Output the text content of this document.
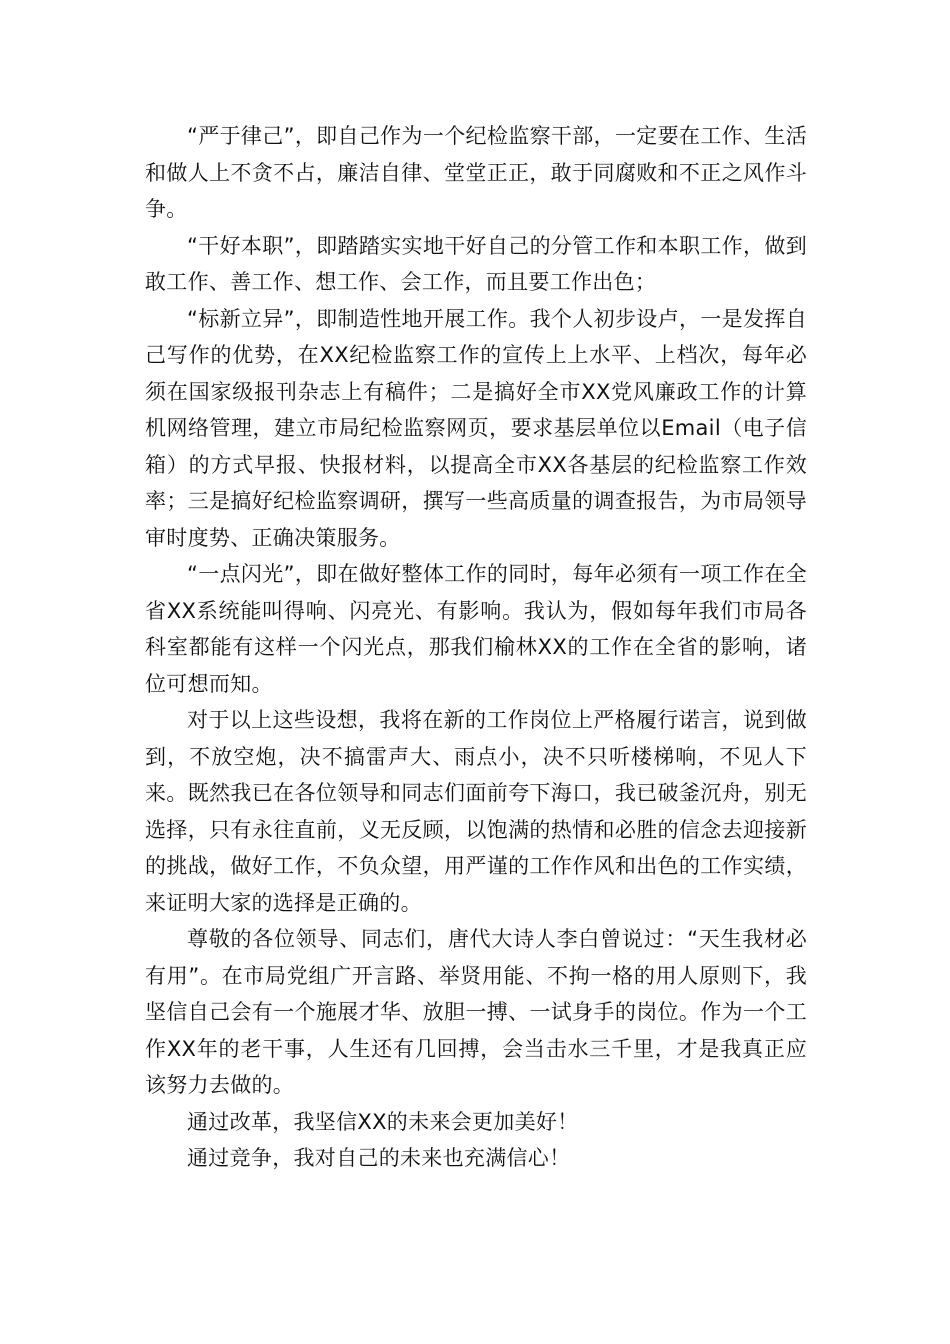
“严于律己”，即自己作为一个纪检监察干部，一定要在工作、生活和做人上不贪不占，廉洁自律、堂堂正正，敢于同腐败和不正之风作斗争。

“干好本职”，即踏踏实实地干好自己的分管工作和本职工作，做到敢工作、善工作、想工作、会工作，而且要工作出色；

“标新立异”，即制造性地开展工作。我个人初步设卢，一是发挥自己写作的优势，在XX纪检监察工作的宣传上上水平、上档次，每年必须在国家级报刊杂志上有稿件；二是搞好全市XX党风廉政工作的计算机网络管理，建立市局纪检监察网页，要求基层单位以Email（电子信箱）的方式早报、快报材料，以提高全市XX各基层的纪检监察工作效率；三是搞好纪检监察调研，撰写一些高质量的调查报告，为市局领导审时度势、正确决策服务。

“一点闪光”，即在做好整体工作的同时，每年必须有一项工作在全省XX系统能叫得响、闪亮光、有影响。我认为，假如每年我们市局各科室都能有这样一个闪光点，那我们榆林XX的工作在全省的影响，诸位可想而知。

对于以上这些设想，我将在新的工作岗位上严格履行诺言，说到做到，不放空炮，决不搞雷声大、雨点小，决不只听楼梯响，不见人下来。既然我已在各位领导和同志们面前夸下海口，我已破釜沉舟，别无选择，只有永往直前，义无反顾，以饱满的热情和必胜的信念去迎接新的挑战，做好工作，不负众望，用严谨的工作作风和出色的工作实绩，来证明大家的选择是正确的。

尊敬的各位领导、同志们，唐代大诗人李白曾说过：“天生我材必有用”。在市局党组广开言路、举贤用能、不拘一格的用人原则下，我坚信自己会有一个施展才华、放胆一搏、一试身手的岗位。作为一个工作XX年的老干事，人生还有几回搏，会当击水三千里，才是我真正应该努力去做的。

通过改革，我坚信XX的未来会更加美好！

通过竞争，我对自己的未来也充满信心！
